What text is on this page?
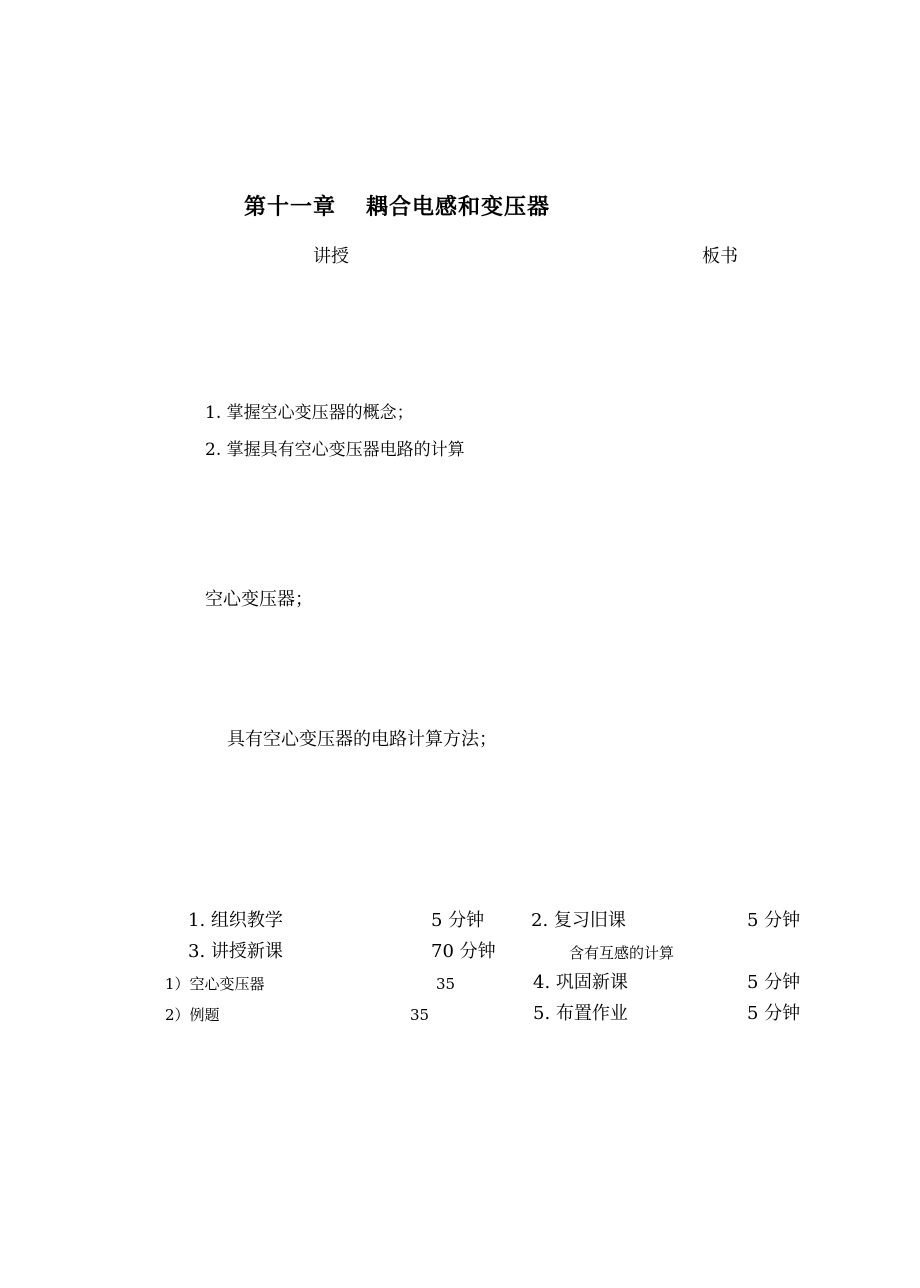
第十一章 耦合电感和变压器
讲授	板书
1. 掌握空心变压器的概念；
2. 掌握具有空心变压器电路的计算
空心变压器；
具有空心变压器的电路计算方法；
1. 组织教学	5 分钟	2. 复习旧课	5 分钟
3. 讲授新课	70 分钟	含有互感的计算
1）空心变压器	35	4. 巩固新课	5 分钟
2）例题	35	5. 布置作业	5 分钟
